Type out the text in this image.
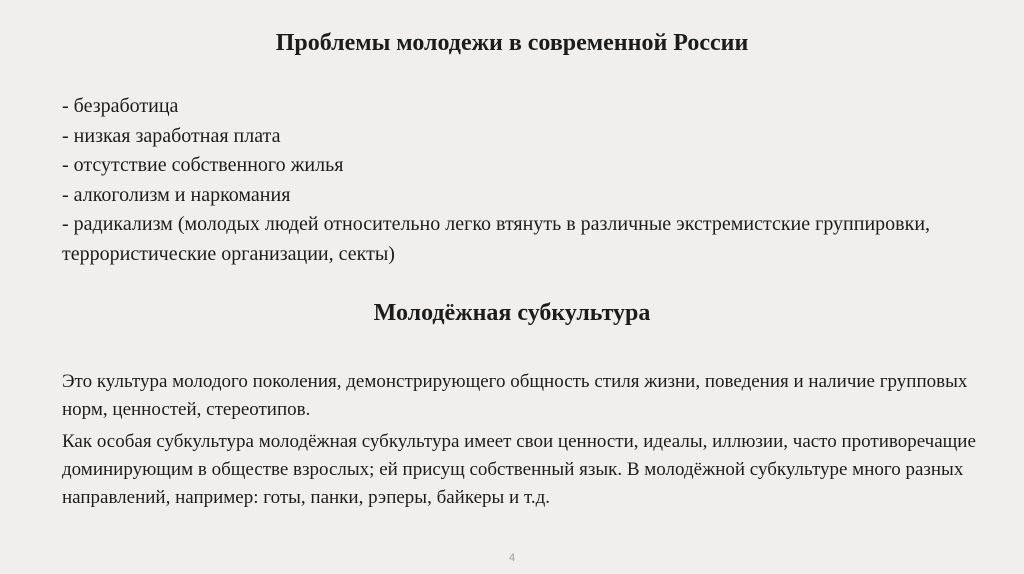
Проблемы молодежи в современной России
- безработица
- низкая заработная плата
- отсутствие собственного жилья
- алкоголизм и наркомания
- радикализм (молодых людей относительно легко втянуть в различные экстремистские группировки, террористические организации, секты)
Молодёжная субкультура

Это культура молодого поколения, демонстрирующего общность стиля жизни, поведения и наличие групповых норм, ценностей, стереотипов.

Как особая субкультура молодёжная субкультура имеет свои ценности, идеалы, иллюзии, часто противоречащие доминирующим в обществе взрослых; ей присущ собственный язык. В молодёжной субкультуре много разных направлений, например: готы, панки, рэперы, байкеры и т.д.

4
